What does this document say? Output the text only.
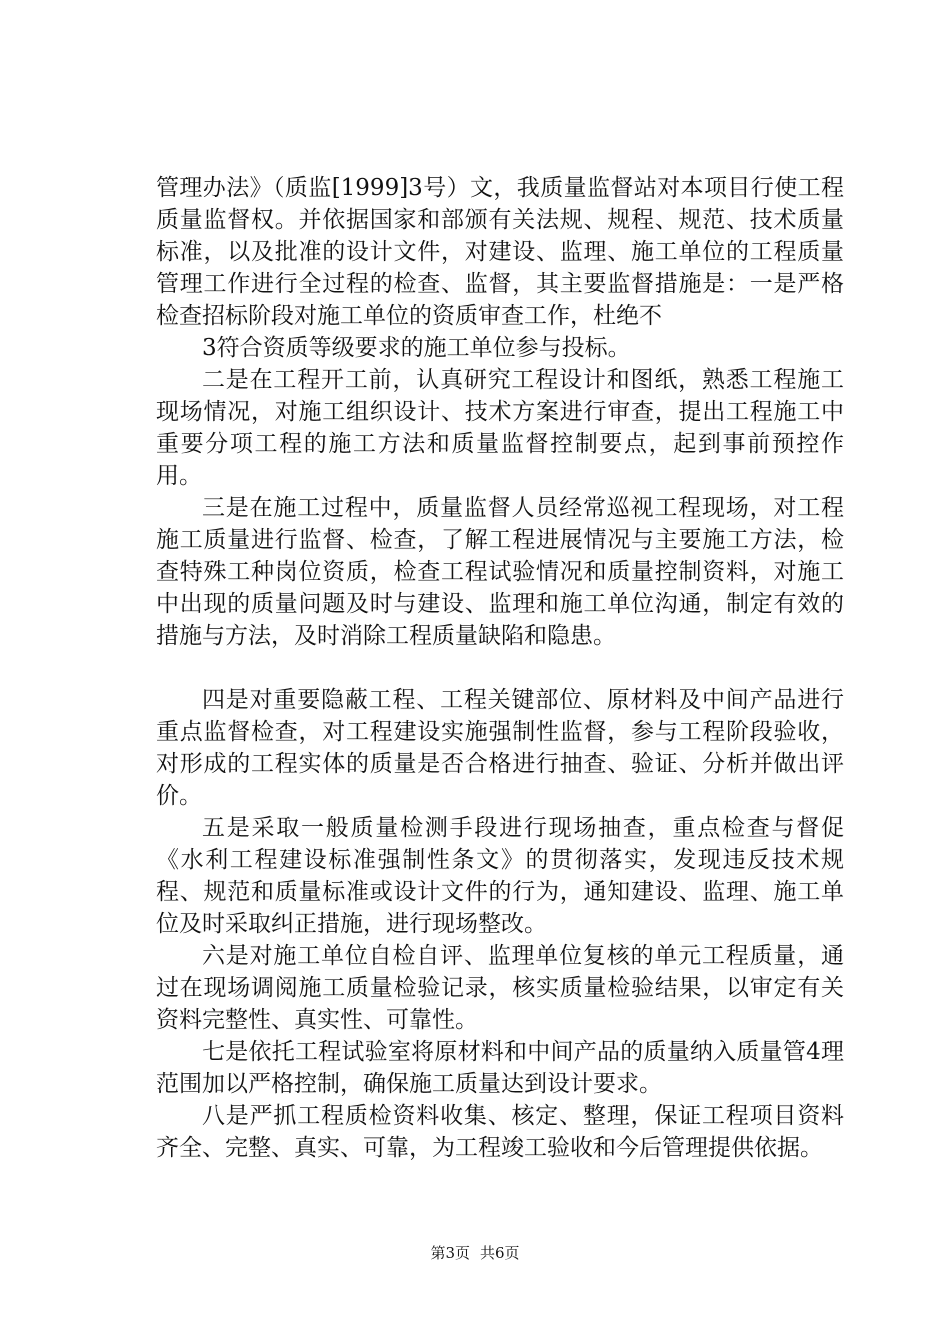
管理办法》（质监[1999]3号）文，我质量监督站对本项目行使工程质量监督权。并依据国家和部颁有关法规、规程、规范、技术质量标准，以及批准的设计文件，对建设、监理、施工单位的工程质量管理工作进行全过程的检查、监督，其主要监督措施是：一是严格检查招标阶段对施工单位的资质审查工作，杜绝不

3符合资质等级要求的施工单位参与投标。

二是在工程开工前，认真研究工程设计和图纸，熟悉工程施工现场情况，对施工组织设计、技术方案进行审查，提出工程施工中重要分项工程的施工方法和质量监督控制要点，起到事前预控作用。

三是在施工过程中，质量监督人员经常巡视工程现场，对工程施工质量进行监督、检查，了解工程进展情况与主要施工方法，检查特殊工种岗位资质，检查工程试验情况和质量控制资料，对施工中出现的质量问题及时与建设、监理和施工单位沟通，制定有效的措施与方法，及时消除工程质量缺陷和隐患。

四是对重要隐蔽工程、工程关键部位、原材料及中间产品进行重点监督检查，对工程建设实施强制性监督，参与工程阶段验收，对形成的工程实体的质量是否合格进行抽查、验证、分析并做出评价。

五是采取一般质量检测手段进行现场抽查，重点检查与督促《水利工程建设标准强制性条文》的贯彻落实，发现违反技术规程、规范和质量标准或设计文件的行为，通知建设、监理、施工单位及时采取纠正措施，进行现场整改。

六是对施工单位自检自评、监理单位复核的单元工程质量，通过在现场调阅施工质量检验记录，核实质量检验结果，以审定有关资料完整性、真实性、可靠性。

七是依托工程试验室将原材料和中间产品的质量纳入质量管4理范围加以严格控制，确保施工质量达到设计要求。

八是严抓工程质检资料收集、核定、整理，保证工程项目资料齐全、完整、真实、可靠，为工程竣工验收和今后管理提供依据。

第3页 共6页
